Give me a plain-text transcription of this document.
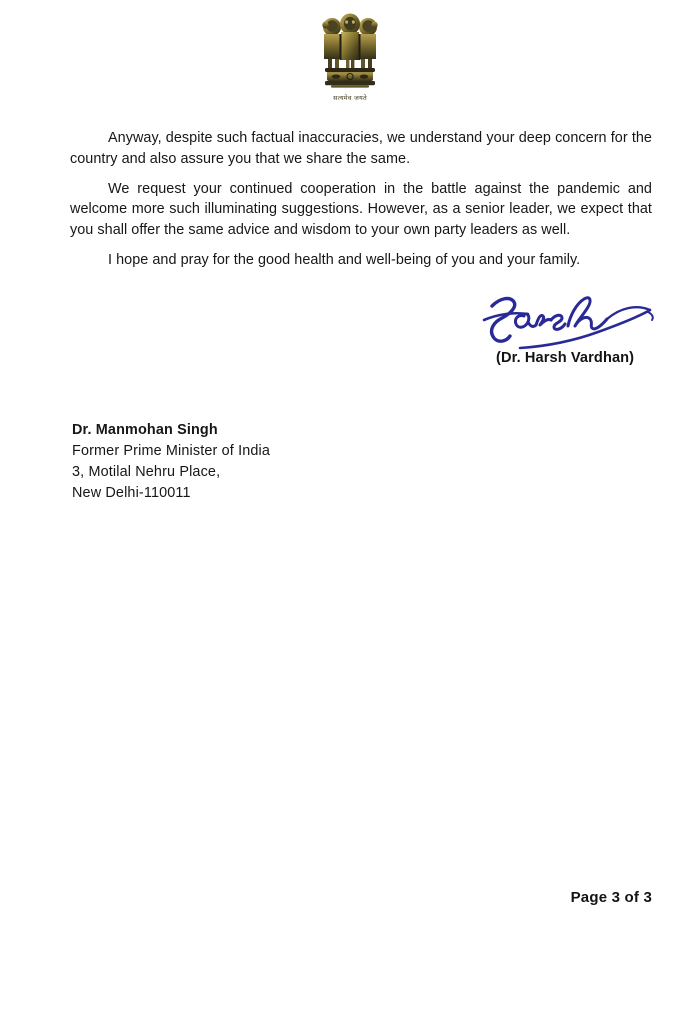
सत्यमेव जयते

Anyway, despite such factual inaccuracies, we understand your deep concern for the country and also assure you that we share the same.

We request your continued cooperation in the battle against the pandemic and welcome more such illuminating suggestions. However, as a senior leader, we expect that you shall offer the same advice and wisdom to your own party leaders as well.

I hope and pray for the good health and well-being of you and your family.

(Dr. Harsh Vardhan)
Dr. Manmohan Singh
Former Prime Minister of India
3, Motilal Nehru Place,
New Delhi-110011
Page 3 of 3
